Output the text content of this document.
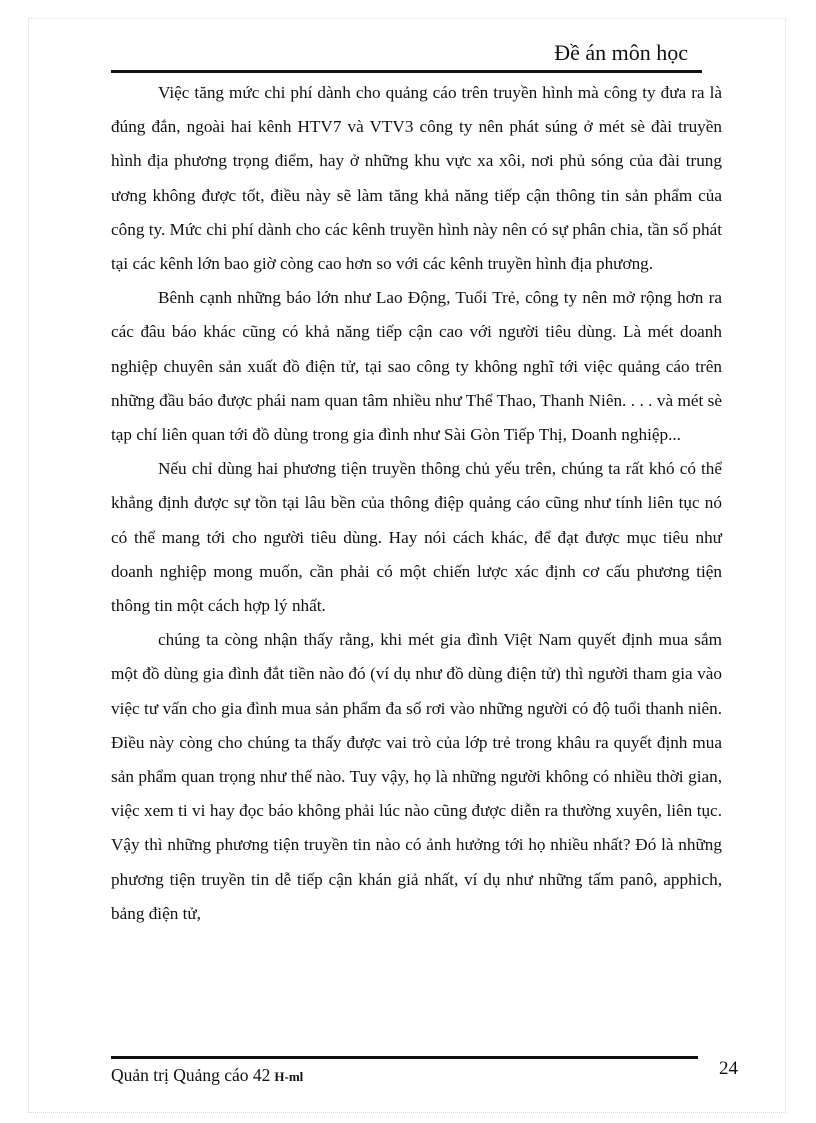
Đề án môn học

Việc tăng mức chi phí dành cho quảng cáo trên truyền hình mà công ty đưa ra là đúng đắn, ngoài hai kênh HTV7 và VTV3 công ty nên phát súng ở mét sè đài truyền hình địa phương trọng điểm, hay ở những khu vực xa xôi, nơi phủ sóng của đài trung ương không được tốt, điều này sẽ làm tăng khả năng tiếp cận thông tin sản phẩm của công ty. Mức chi phí dành cho các kênh truyền hình này nên có sự phân chia, tần số phát tại các kênh lớn bao giờ còng cao hơn so với các kênh truyền hình địa phương.

Bênh cạnh những báo lớn như Lao Động, Tuổi Trẻ, công ty nên mở rộng hơn ra các đâu báo khác cũng có khả năng tiếp cận cao với người tiêu dùng. Là mét doanh nghiệp chuyên sản xuất đồ điện tử, tại sao công ty không nghĩ tới việc quảng cáo trên những đầu báo được phái nam quan tâm nhiều như Thể Thao, Thanh Niên. . . . và mét sè tạp chí liên quan tới đồ dùng trong gia đình như Sài Gòn Tiếp Thị, Doanh nghiệp...

Nếu chỉ dùng hai phương tiện truyền thông chủ yếu trên, chúng ta rất khó có thể khẳng định được sự tồn tại lâu bền của thông điệp quảng cáo cũng như tính liên tục nó có thể mang tới cho người tiêu dùng. Hay nói cách khác, để đạt được mục tiêu như doanh nghiệp mong muốn, cần phải có một chiến lược xác định cơ cấu phương tiện thông tin một cách hợp lý nhất.

chúng ta còng nhận thấy rằng, khi mét gia đình Việt Nam quyết định mua sắm một đồ dùng gia đình đắt tiền nào đó (ví dụ như đồ dùng điện tử) thì người tham gia vào việc tư vấn cho gia đình mua sản phẩm đa số rơi vào những người có độ tuổi thanh niên. Điều này còng cho chúng ta thấy được vai trò của lớp trẻ trong khâu ra quyết định mua sản phẩm quan trọng như thế nào. Tuy vậy, họ là những người không có nhiều thời gian, việc xem ti vi hay đọc báo không phải lúc nào cũng được diễn ra thường xuyên, liên tục. Vậy thì những phương tiện truyền tin nào có ảnh hưởng tới họ nhiều nhất? Đó là những phương tiện truyền tin dễ tiếp cận khán giả nhất, ví dụ như những tấm panô, apphich, bảng điện tử,

Quản trị Quảng cáo 42 H-ml	24
